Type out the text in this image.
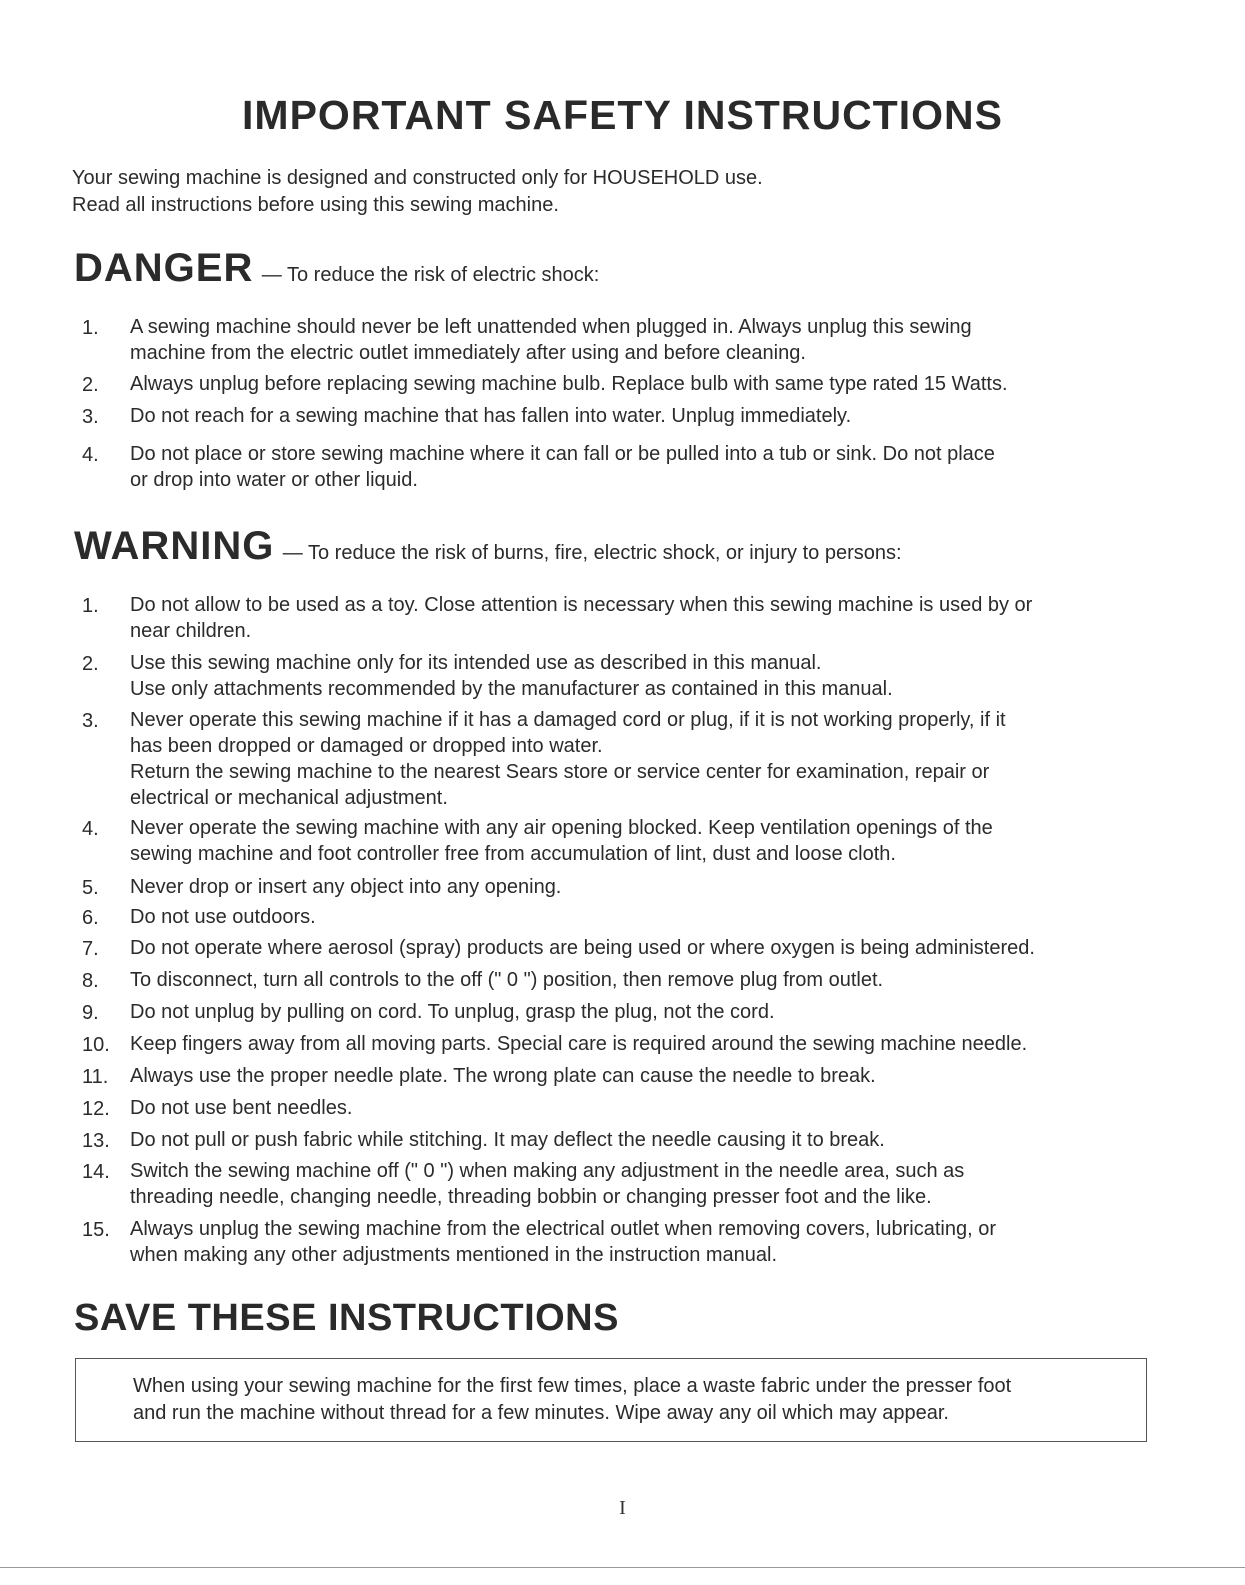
IMPORTANT SAFETY INSTRUCTIONS
Your sewing machine is designed and constructed only for HOUSEHOLD use.
Read all instructions before using this sewing machine.
DANGER — To reduce the risk of electric shock:
1.	A sewing machine should never be left unattended when plugged in. Always unplug this sewing
machine from the electric outlet immediately after using and before cleaning.
2.	Always unplug before replacing sewing machine bulb. Replace bulb with same type rated 15 Watts.
3.	Do not reach for a sewing machine that has fallen into water. Unplug immediately.
4.	Do not place or store sewing machine where it can fall or be pulled into a tub or sink. Do not place
or drop into water or other liquid.
WARNING — To reduce the risk of burns, fire, electric shock, or injury to persons:
1.	Do not allow to be used as a toy. Close attention is necessary when this sewing machine is used by or
near children.
2.	Use this sewing machine only for its intended use as described in this manual.
Use only attachments recommended by the manufacturer as contained in this manual.
3.	Never operate this sewing machine if it has a damaged cord or plug, if it is not working properly, if it
has been dropped or damaged or dropped into water.
Return the sewing machine to the nearest Sears store or service center for examination, repair or
electrical or mechanical adjustment.
4.	Never operate the sewing machine with any air opening blocked. Keep ventilation openings of the
sewing machine and foot controller free from accumulation of lint, dust and loose cloth.
5.	Never drop or insert any object into any opening.
6.	Do not use outdoors.
7.	Do not operate where aerosol (spray) products are being used or where oxygen is being administered.
8.	To disconnect, turn all controls to the off (" 0 ") position, then remove plug from outlet.
9.	Do not unplug by pulling on cord. To unplug, grasp the plug, not the cord.
10. Keep fingers away from all moving parts. Special care is required around the sewing machine needle.
11. Always use the proper needle plate. The wrong plate can cause the needle to break.
12. Do not use bent needles.
13. Do not pull or push fabric while stitching. It may deflect the needle causing it to break.
14. Switch the sewing machine off (" 0 ") when making any adjustment in the needle area, such as
threading needle, changing needle, threading bobbin or changing presser foot and the like.
15. Always unplug the sewing machine from the electrical outlet when removing covers, lubricating, or
when making any other adjustments mentioned in the instruction manual.
SAVE THESE INSTRUCTIONS
When using your sewing machine for the first few times, place a waste fabric under the presser foot
and run the machine without thread for a few minutes. Wipe away any oil which may appear.
I
